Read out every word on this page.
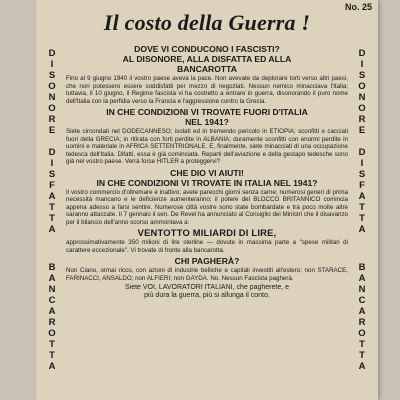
No. 25
Il costo della Guerra !
D
I
S
O
N
O
R
E

D
I
S
F
A
T
T
A
D
I
S
O
N
O
R
E

D
I
S
F
A
T
T
A
B
A
N
C
A
R
O
T
T
A
B
A
N
C
A
R
O
T
T
A
DOVE VI CONDUCONO I FASCISTI?
AL DISONORE, ALLA DISFATTA ED ALLA
BANCAROTTA

Fino al 9 giugno 1940 il vostro paese aveva la pace. Non avevate da deplorare torti verso altri paesi, che non potessero essere soddisfatti per mezzo di negoziati. Nessun nemico minacciava l'Italia; tuttavia, il 10 giugno, il Regime fascista vi ha costretto a entrare in guerra, disonorando il puro nome dell'Italia con la perfidia verso la Francia e l'aggressione contro la Grecia.

IN CHE CONDIZIONI VI TROVATE FUORI D'ITALIA
NEL 1941?

Siete circondati nel DODECANNESO; isolati ed in tremendo pericolo in ETIOPIA; sconfitti e cacciati fuori della GRECIA; in ritirata con forti perdite in ALBANIA; duramente sconfitti con enormi perdite in uomini e materiale in AFRICA SETTENTRIONALE. E, finalmente, siete minacciati di una occupazione tedesca dell'Italia. Difatti, essa è già cominciata. Reparti dell'aviazione e della gestapo tedesche sono già nel vostro paese. Verrà forse HITLER a proteggervi?

CHE DIO VI AIUTI!
IN CHE CONDIZIONI VI TROVATE IN ITALIA NEL 1941?

Il vostro commercio d'oltremare è inattivo; avete parecchi giorni senza carne; numerosi generi di prima necessità mancano e le deficienze aumenteranno; il potere del BLOCCO BRITANNICO comincia appena adesso a farsi sentire. Numerose città vostre sono state bombardate e tra poco molte altre saranno attaccate. Il 7 gennaio il sen. De Revel ha annunciato al Consiglio dei Ministri che il disavanzo per il bilancio dell'anno scorso ammontava a:

VENTOTTO MILIARDI DI LIRE,

approssimativamente 350 milioni di lire sterline — dovute in massima parte a "spese militari di carattere eccezionale". Vi trovate di fronte alla bancarotta.

CHI PAGHERÀ?

Non Ciano, ormai ricco, con azioni di industrie belliche e capitali investiti all'estero; non STARACE, FARINACCI, ANSALDO; non ALFIERI; non GAYDA. No. Nessun Fascista pagherà.

Siete VOI, LAVORATORI ITALIANI, che pagherete, e
più dura la guerra, più si allunga il conto.
